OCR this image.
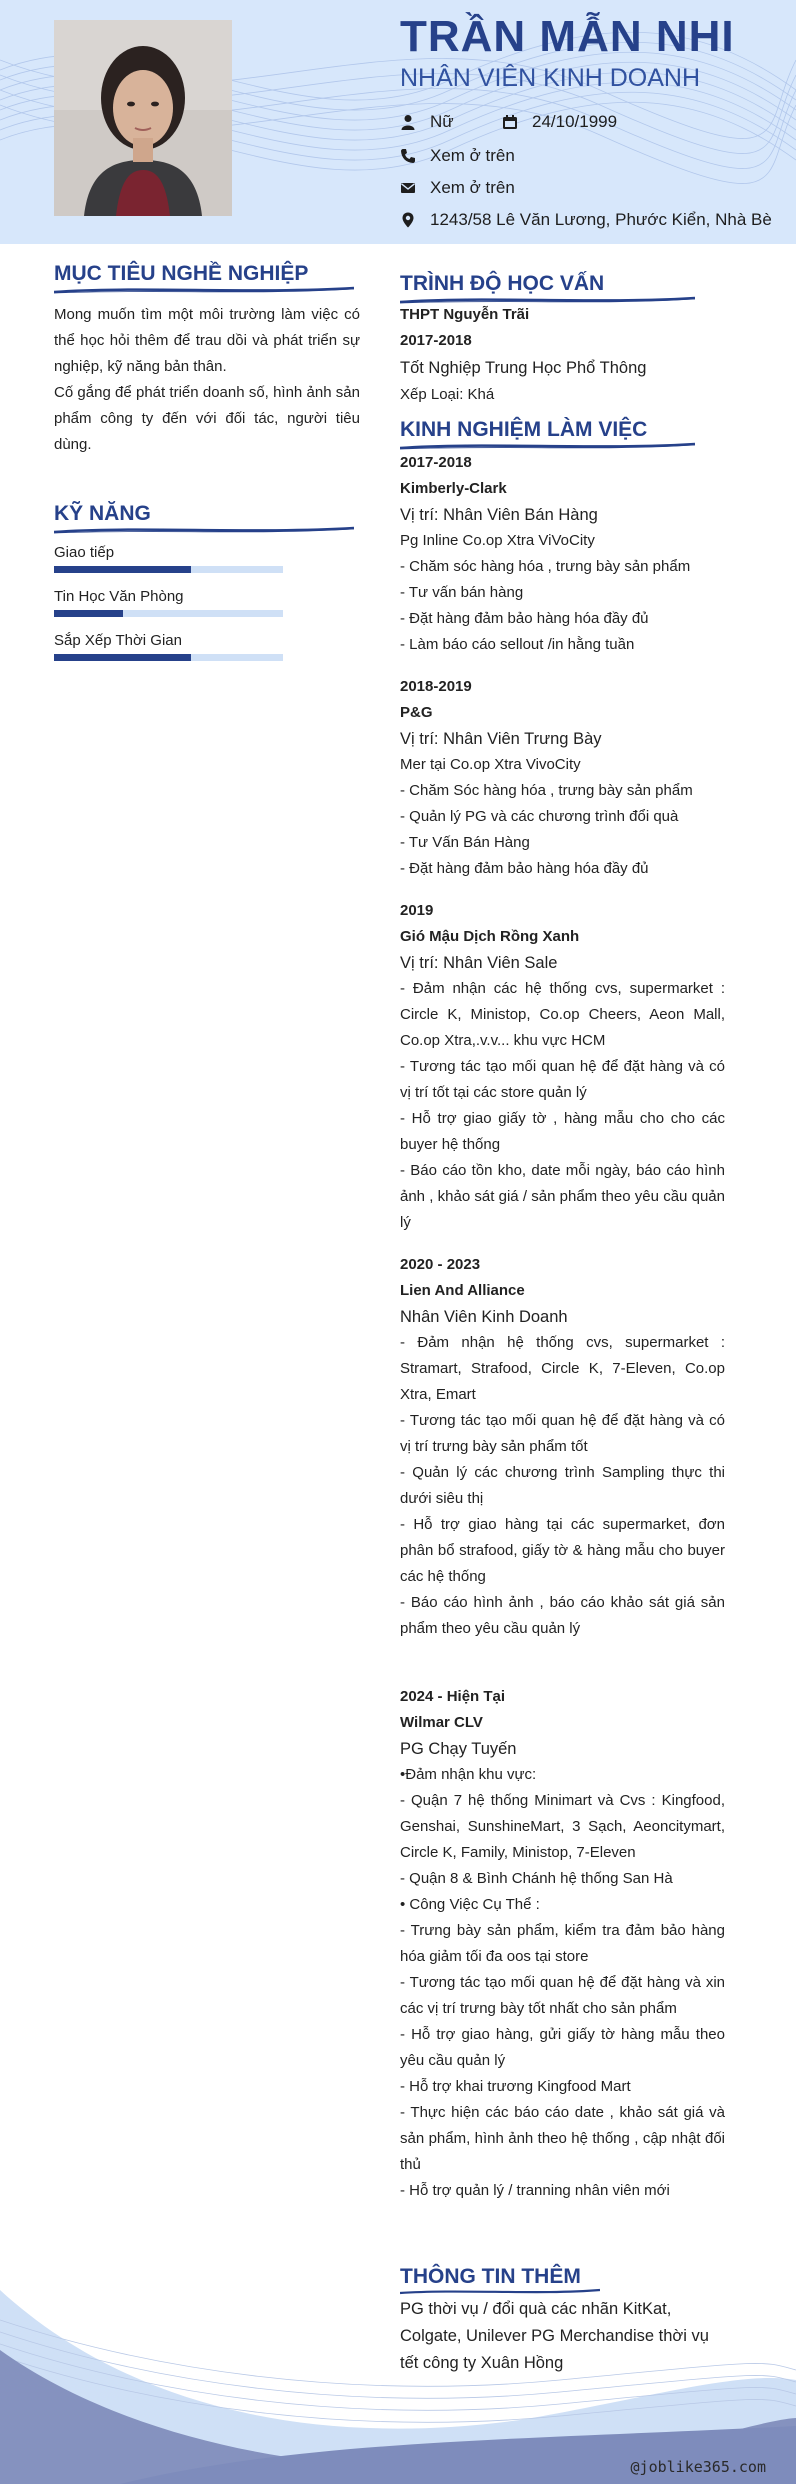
TRẦN MẪN NHI
NHÂN VIÊN KINH DOANH
Nữ	24/10/1999
Xem ở trên
Xem ở trên
1243/58 Lê Văn Lương, Phước Kiển, Nhà Bè
MỤC TIÊU NGHỀ NGHIỆP
Mong muốn tìm một môi trường làm việc có thể học hỏi thêm để trau dồi và phát triển sự nghiệp, kỹ năng bản thân.
Cố gắng để phát triển doanh số, hình ảnh sản phẩm công ty đến với đối tác, người tiêu dùng.
KỸ NĂNG
Giao tiếp
Tin Học Văn Phòng
Sắp Xếp Thời Gian
TRÌNH ĐỘ HỌC VẤN
THPT Nguyễn Trãi
2017-2018
Tốt Nghiệp Trung Học Phổ Thông
Xếp Loại: Khá
KINH NGHIỆM LÀM VIỆC
2017-2018
Kimberly-Clark
Vị trí: Nhân Viên Bán Hàng
Pg Inline Co.op Xtra ViVoCity
- Chăm sóc hàng hóa , trưng bày sản phẩm
- Tư vấn bán hàng
- Đặt hàng đảm bảo hàng hóa đầy đủ
- Làm báo cáo sellout /in hằng tuần
2018-2019
P&G
Vị trí: Nhân Viên Trưng Bày
Mer tại Co.op Xtra VivoCity
- Chăm Sóc hàng hóa , trưng bày sản phẩm
- Quản lý PG và các chương trình đổi quà
- Tư Vấn Bán Hàng
- Đặt hàng đảm bảo hàng hóa đầy đủ
2019
Gió Mậu Dịch Rồng Xanh
Vị trí: Nhân Viên Sale
- Đảm nhận các hệ thống cvs, supermarket : Circle K, Ministop, Co.op Cheers, Aeon Mall, Co.op Xtra,.v.v... khu vực HCM
- Tương tác tạo mối quan hệ để đặt hàng và có vị trí tốt tại các store quản lý
- Hỗ trợ giao giấy tờ , hàng mẫu cho cho các buyer hệ thống
- Báo cáo tồn kho, date mỗi ngày, báo cáo hình ảnh , khảo sát giá / sản phẩm theo yêu cầu quản lý
2020 - 2023
Lien And Alliance
Nhân Viên Kinh Doanh
- Đảm nhận hệ thống cvs, supermarket : Stramart, Strafood, Circle K, 7-Eleven, Co.op Xtra, Emart
- Tương tác tạo mối quan hệ để đặt hàng và có vị trí trưng bày sản phẩm tốt
- Quản lý các chương trình Sampling thực thi dưới siêu thị
- Hỗ trợ giao hàng tại các supermarket, đơn phân bổ strafood, giấy tờ & hàng mẫu cho buyer các hệ thống
- Báo cáo hình ảnh , báo cáo khảo sát giá sản phẩm theo yêu cầu quản lý
2024 - Hiện Tại
Wilmar CLV
PG Chạy Tuyến
•Đảm nhận khu vực:
- Quận 7 hệ thống Minimart và Cvs : Kingfood, Genshai, SunshineMart, 3 Sạch, Aeoncitymart, Circle K, Family, Ministop, 7-Eleven
- Quận 8 & Bình Chánh hệ thống San Hà
• Công Việc Cụ Thể :
- Trưng bày sản phẩm, kiểm tra đảm bảo hàng hóa giảm tối đa oos tại store
- Tương tác tạo mối quan hệ để đặt hàng và xin các vị trí trưng bày tốt nhất cho sản phẩm
- Hỗ trợ giao hàng, gửi giấy tờ hàng mẫu theo yêu cầu quản lý
- Hỗ trợ khai trương Kingfood Mart
- Thực hiện các báo cáo date , khảo sát giá và sản phẩm, hình ảnh theo hệ thống , cập nhật đối thủ
- Hỗ trợ quản lý / tranning nhân viên mới
THÔNG TIN THÊM
PG thời vụ / đổi quà các nhãn KitKat, Colgate, Unilever PG Merchandise thời vụ tết công ty Xuân Hồng
@joblike365.com
